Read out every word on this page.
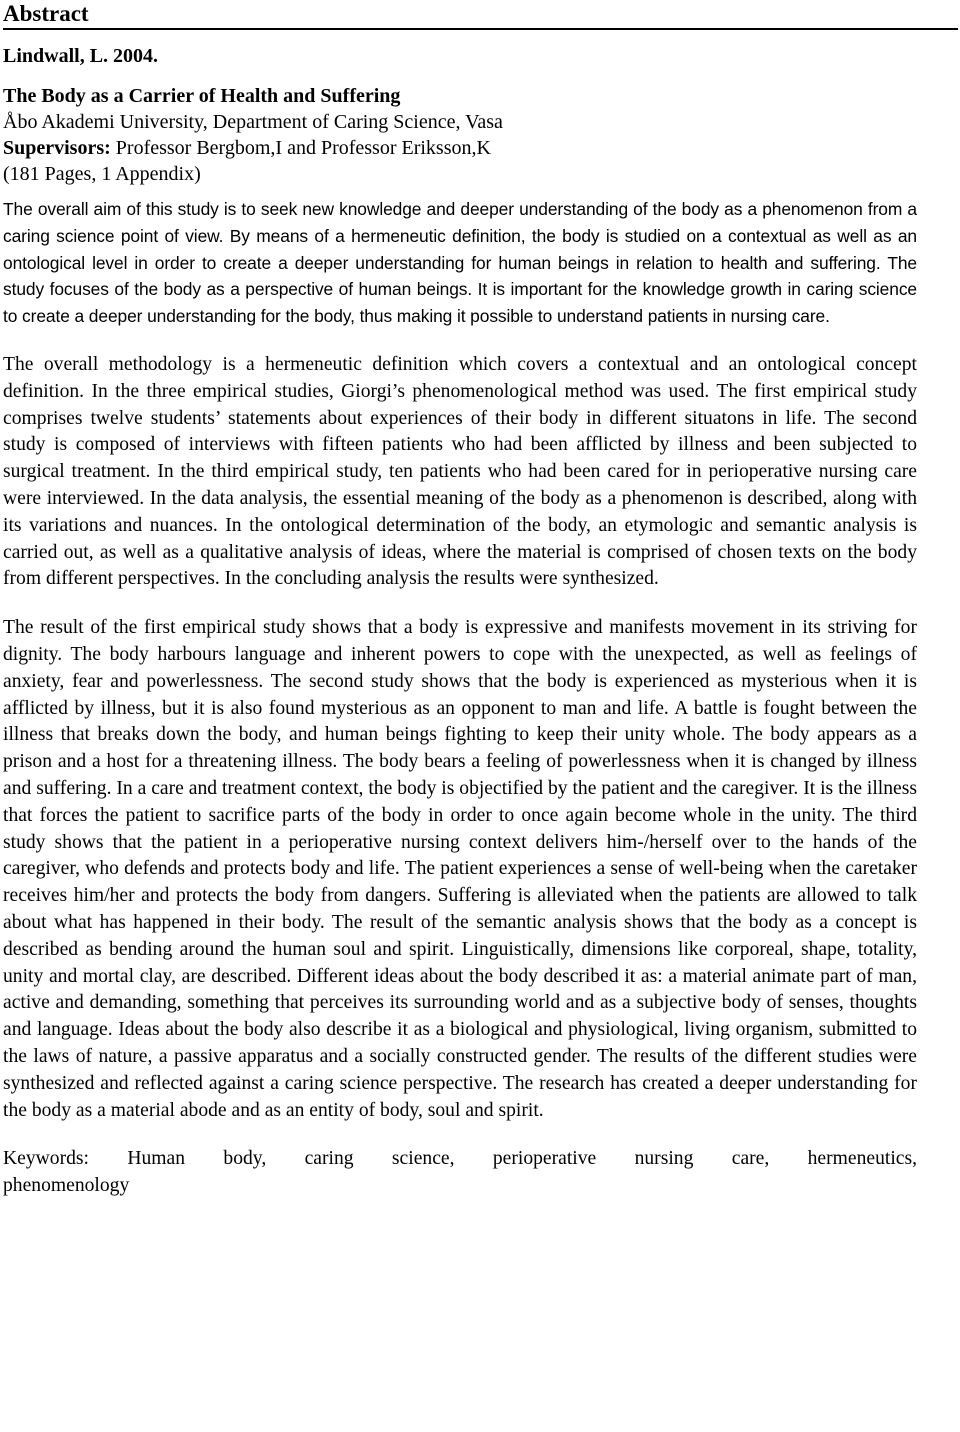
Abstract
Lindwall, L. 2004.
The Body as a Carrier of Health and Suffering
Åbo Akademi University, Department of Caring Science, Vasa
Supervisors: Professor Bergbom,I and Professor Eriksson,K
(181 Pages, 1 Appendix)

The overall aim of this study is to seek new knowledge and deeper understanding of the body as a phenomenon from a caring science point of view. By means of a hermeneutic definition, the body is studied on a contextual as well as an ontological level in order to create a deeper understanding for human beings in relation to health and suffering. The study focuses of the body as a perspective of human beings. It is important for the knowledge growth in caring science to create a deeper understanding for the body, thus making it possible to understand patients in nursing care.

The overall methodology is a hermeneutic definition which covers a contextual and an ontological concept definition. In the three empirical studies, Giorgi’s phenomenological method was used. The first empirical study comprises twelve students’ statements about experiences of their body in different situatons in life. The second study is composed of interviews with fifteen patients who had been afflicted by illness and been subjected to surgical treatment. In the third empirical study, ten patients who had been cared for in perioperative nursing care were interviewed. In the data analysis, the essential meaning of the body as a phenomenon is described, along with its variations and nuances. In the ontological determination of the body, an etymologic and semantic analysis is carried out, as well as a qualitative analysis of ideas, where the material is comprised of chosen texts on the body from different perspectives. In the concluding analysis the results were synthesized.

The result of the first empirical study shows that a body is expressive and manifests movement in its striving for dignity. The body harbours language and inherent powers to cope with the unexpected, as well as feelings of anxiety, fear and powerlessness. The second study shows that the body is experienced as mysterious when it is afflicted by illness, but it is also found mysterious as an opponent to man and life. A battle is fought between the illness that breaks down the body, and human beings fighting to keep their unity whole. The body appears as a prison and a host for a threatening illness. The body bears a feeling of powerlessness when it is changed by illness and suffering. In a care and treatment context, the body is objectified by the patient and the caregiver. It is the illness that forces the patient to sacrifice parts of the body in order to once again become whole in the unity. The third study shows that the patient in a perioperative nursing context delivers him-/herself over to the hands of the caregiver, who defends and protects body and life. The patient experiences a sense of well-being when the caretaker receives him/her and protects the body from dangers. Suffering is alleviated when the patients are allowed to talk about what has happened in their body. The result of the semantic analysis shows that the body as a concept is described as bending around the human soul and spirit. Linguistically, dimensions like corporeal, shape, totality, unity and mortal clay, are described. Different ideas about the body described it as: a material animate part of man, active and demanding, something that perceives its surrounding world and as a subjective body of senses, thoughts and language. Ideas about the body also describe it as a biological and physiological, living organism, submitted to the laws of nature, a passive apparatus and a socially constructed gender. The results of the different studies were synthesized and reflected against a caring science perspective. The research has created a deeper understanding for the body as a material abode and as an entity of body, soul and spirit.

Keywords: Human body, caring science, perioperative nursing care, hermeneutics,

phenomenology
